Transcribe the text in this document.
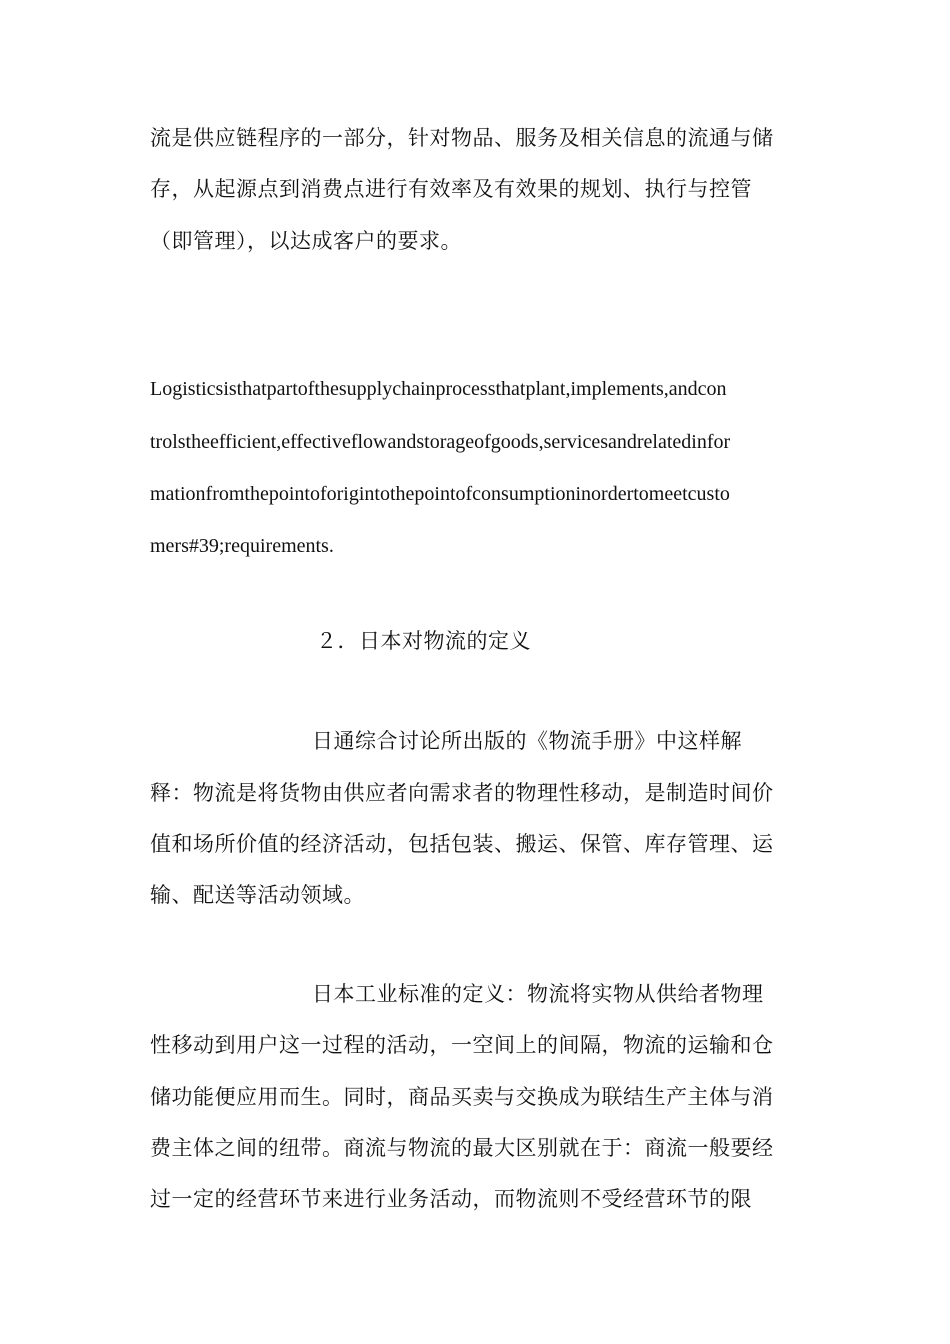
流是供应链程序的一部分，针对物品、服务及相关信息的流通与储
存，从起源点到消费点进行有效率及有效果的规划、执行与控管
（即管理），以达成客户的要求。
Logisticsisthatpartofthesupplychainprocessthatplant,implements,andcon
trolstheefficient,effectiveflowandstorageofgoods,servicesandrelatedinfor
mationfromthepointoforigintothepointofconsumptioninordertomeetcusto
mers#39;requirements.
２．日本对物流的定义
日通综合讨论所出版的《物流手册》中这样解
释：物流是将货物由供应者向需求者的物理性移动，是制造时间价
值和场所价值的经济活动，包括包装、搬运、保管、库存管理、运
输、配送等活动领域。
日本工业标准的定义：物流将实物从供给者物理
性移动到用户这一过程的活动，一空间上的间隔，物流的运输和仓
储功能便应用而生。同时，商品买卖与交换成为联结生产主体与消
费主体之间的纽带。商流与物流的最大区别就在于：商流一般要经
过一定的经营环节来进行业务活动，而物流则不受经营环节的限
